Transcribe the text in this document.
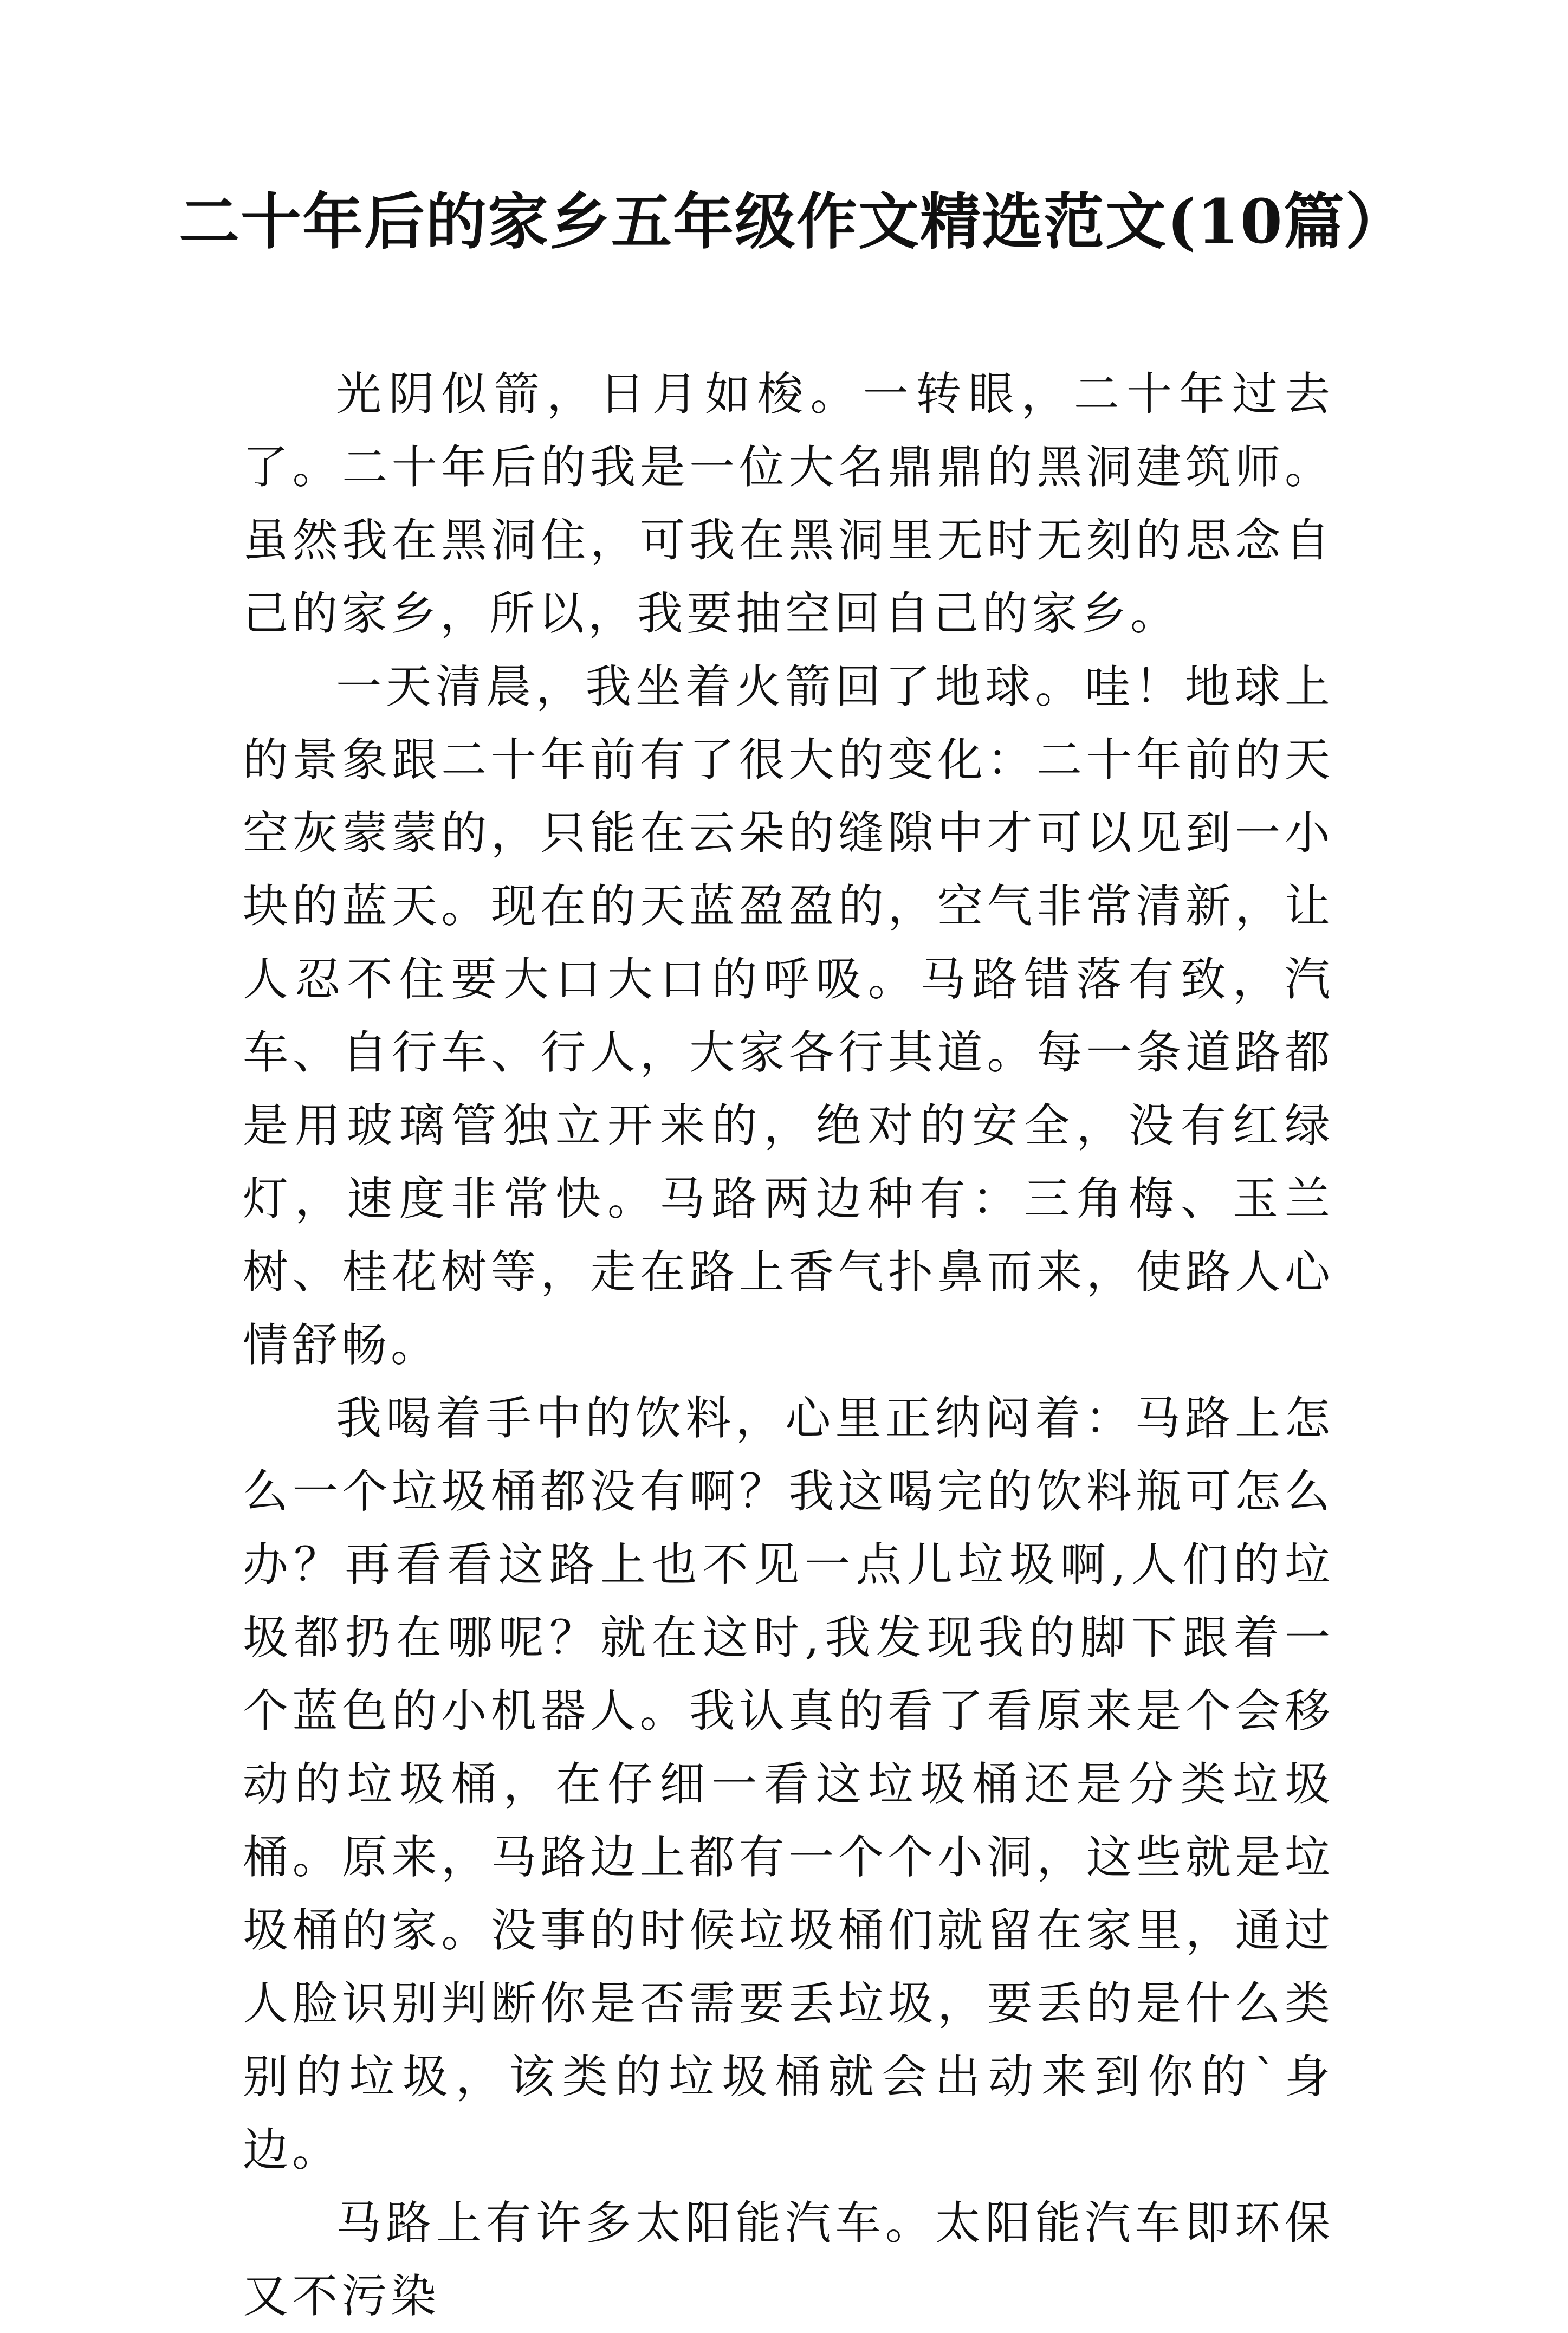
二十年后的家乡五年级作文精选范文(10篇）

光阴似箭，日月如梭。一转眼，二十年过去了。二十年后的我是一位大名鼎鼎的黑洞建筑师。虽然我在黑洞住，可我在黑洞里无时无刻的思念自己的家乡，所以，我要抽空回自己的家乡。

一天清晨，我坐着火箭回了地球。哇！地球上的景象跟二十年前有了很大的变化：二十年前的天空灰蒙蒙的，只能在云朵的缝隙中才可以见到一小块的蓝天。现在的天蓝盈盈的，空气非常清新，让人忍不住要大口大口的呼吸。马路错落有致，汽车、自行车、行人，大家各行其道。每一条道路都是用玻璃管独立开来的，绝对的安全，没有红绿灯，速度非常快。马路两边种有：三角梅、玉兰树、桂花树等，走在路上香气扑鼻而来，使路人心情舒畅。

我喝着手中的饮料，心里正纳闷着：马路上怎么一个垃圾桶都没有啊？我这喝完的饮料瓶可怎么办？再看看这路上也不见一点儿垃圾啊,人们的垃圾都扔在哪呢？就在这时,我发现我的脚下跟着一个蓝色的小机器人。我认真的看了看原来是个会移动的垃圾桶，在仔细一看这垃圾桶还是分类垃圾桶。原来，马路边上都有一个个小洞，这些就是垃圾桶的家。没事的时候垃圾桶们就留在家里，通过人脸识别判断你是否需要丢垃圾，要丢的是什么类别的垃圾，该类的垃圾桶就会出动来到你的`身边。

马路上有许多太阳能汽车。太阳能汽车即环保又不污染
